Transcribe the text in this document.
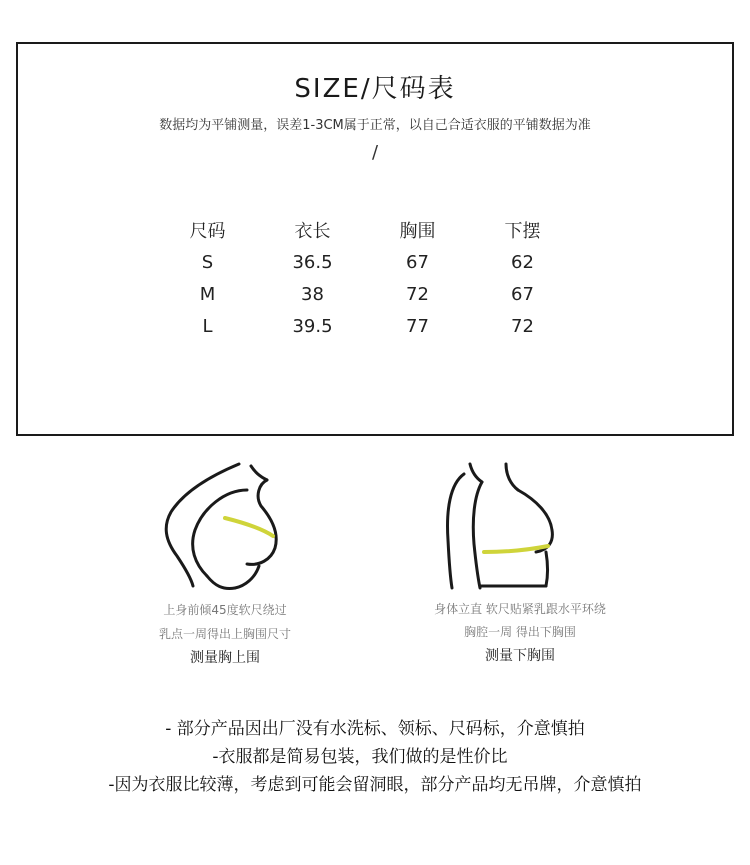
SIZE/尺码表
数据均为平铺测量，误差1-3CM属于正常，以自己合适衣服的平铺数据为准
/
尺码	衣长	胸围	下摆
S	36.5	67	62
M	38	72	67
L	39.5	77	72
上身前倾45度软尺绕过
乳点一周得出上胸围尺寸
测量胸上围
身体立直 软尺贴紧乳跟水平环绕
胸腔一周 得出下胸围
测量下胸围
- 部分产品因出厂没有水洗标、领标、尺码标，介意慎拍
-衣服都是简易包装，我们做的是性价比
-因为衣服比较薄，考虑到可能会留洞眼，部分产品均无吊牌，介意慎拍
